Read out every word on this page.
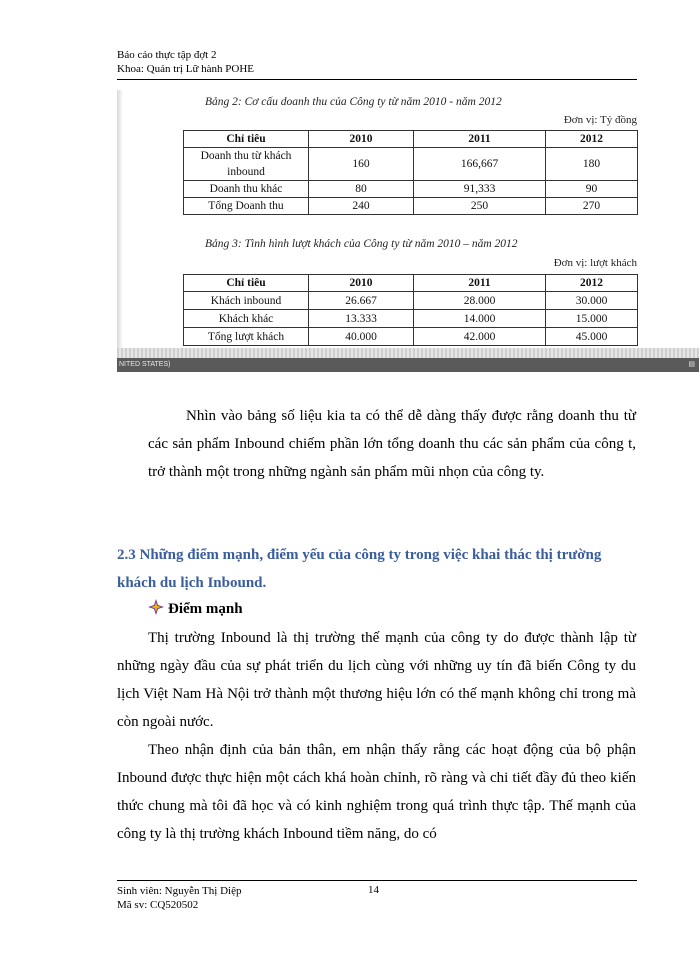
Báo cáo thực tập đợt 2
Khoa: Quản trị Lữ hành POHE
Bảng 2: Cơ cấu doanh thu của Công ty từ năm 2010 - năm 2012
Đơn vị: Tỷ đồng
Chỉ tiêu	2010	2011	2012
Doanh thu từ khách inbound	160	166,667	180
Doanh thu khác	80	91,333	90
Tổng Doanh thu	240	250	270
Bảng 3: Tình hình lượt khách của Công ty từ năm 2010 – năm 2012
Đơn vị: lượt khách
Chỉ tiêu	2010	2011	2012
Khách inbound	26.667	28.000	30.000
Khách khác	13.333	14.000	15.000
Tổng lượt khách	40.000	42.000	45.000
NITED STATES)	▤
Nhìn vào bảng số liệu kia ta có thể dễ dàng thấy được rằng doanh thu từ các sản phẩm Inbound chiếm phần lớn tổng doanh thu các sản phẩm của công t, trở thành một trong những ngành sản phẩm mũi nhọn của công ty.
2.3 Những điểm mạnh, điểm yếu của công ty trong việc khai thác thị trường khách du lịch Inbound.
Điểm mạnh
Thị trường Inbound là thị trường thế mạnh của công ty do được thành lập từ những ngày đầu của sự phát triển du lịch cùng với những uy tín đã biến Công ty du lịch Việt Nam Hà Nội trở thành một thương hiệu lớn có thế mạnh không chỉ trong mà còn ngoài nước.
Theo nhận định của bản thân, em nhận thấy rằng các hoạt động của bộ phận Inbound được thực hiện một cách khá hoàn chỉnh, rõ ràng và chi tiết đầy đủ theo kiến thức chung mà tôi đã học và có kinh nghiệm trong quá trình thực tập. Thế mạnh của công ty là thị trường khách Inbound tiềm năng, do có
Sinh viên: Nguyễn Thị Diệp
Mã sv: CQ520502
14
